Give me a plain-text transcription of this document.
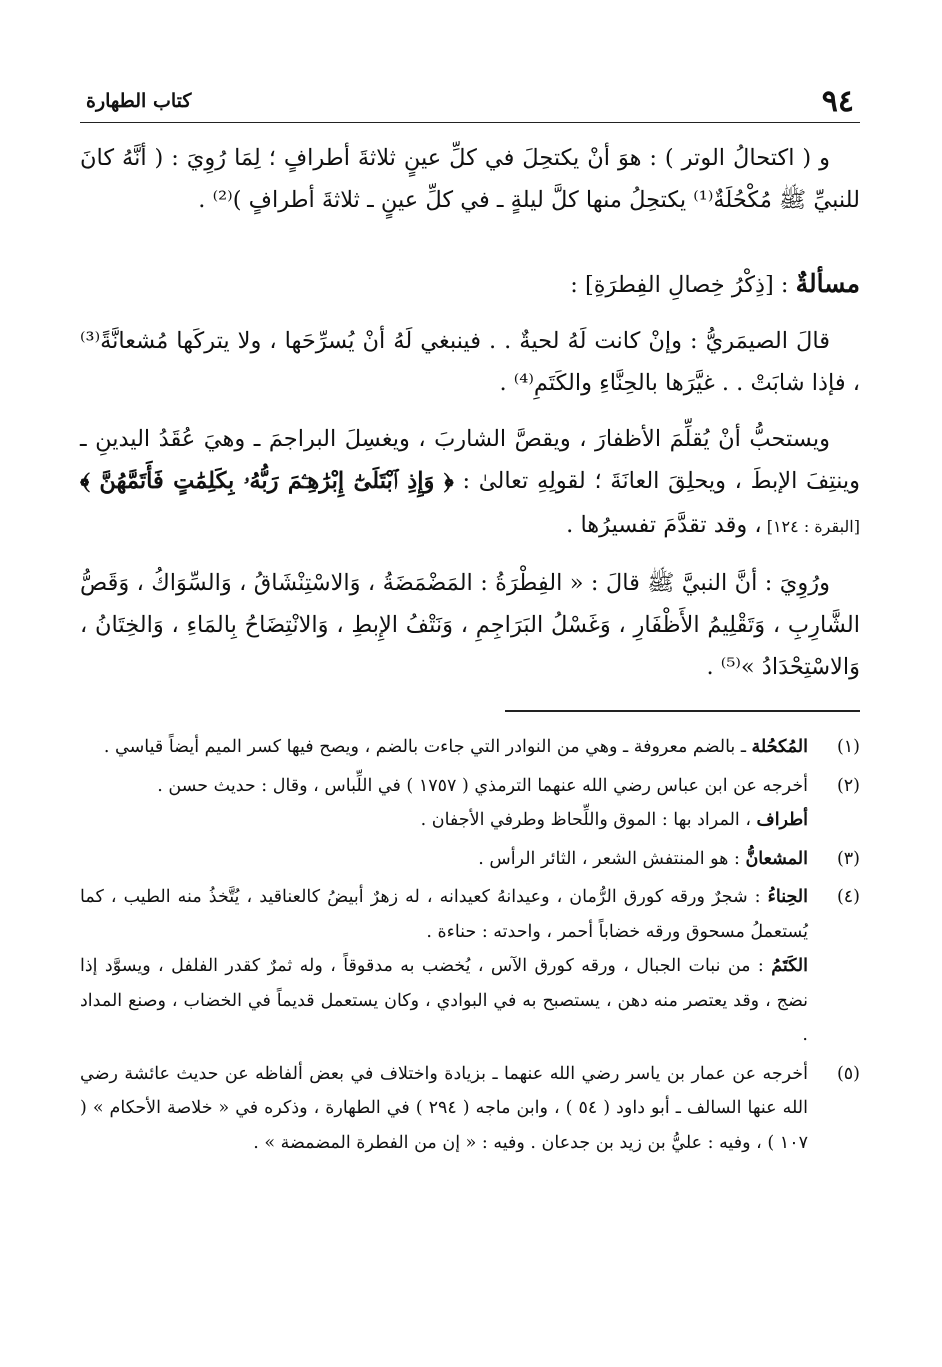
٩٤
كتاب الطهارة

و ( اكتحالُ الوتر ) : هوَ أنْ يكتحِلَ في كلِّ عينٍ ثلاثةَ أطرافٍ ؛ لِمَا رُوِيَ : ( أنَّهُ كانَ للنبيِّ ﷺ مُكْحُلَةٌ⁽¹⁾ يكتحِلُ منها كلَّ ليلةٍ ـ في كلِّ عينٍ ـ ثلاثةَ أطرافٍ )⁽²⁾ .

مسألةٌ : [ذِكْرُ خِصالِ الفِطرَةِ] :

قالَ الصيمَريُّ : وإنْ كانت لَهُ لحيةٌ . . فينبغي لَهُ أنْ يُسرِّحَها ، ولا يتركَها مُشعانَّةً⁽³⁾ ، فإذا شابَتْ . . غيَّرَها بالحِنَّاءِ والكَتَمِ⁽⁴⁾ .

ويستحبُّ أنْ يُقلِّمَ الأظفارَ ، ويقصَّ الشاربَ ، ويغسِلَ البراجمَ ـ وهيَ عُقَدُ اليدينِ ـ وينتِفَ الإبطَ ، ويحلِقَ العانَةَ ؛ لقولِهِ تعالىٰ : ﴿ وَإِذِ ٱبْتَلَىٰٓ إِبْرَٰهِـۧمَ رَبُّهُۥ بِكَلِمَٰتٍ فَأَتَمَّهُنَّ ﴾ [البقرة : ١٢٤] ، وقد تقدَّمَ تفسيرُها .

ورُوِيَ : أنَّ النبيَّ ﷺ قالَ : « الفِطْرَةُ : المَضْمَضَةُ ، وَالاسْتِنْشَاقُ ، وَالسِّوَاكُ ، وَقَصُّ الشَّارِبِ ، وَتَقْلِيمُ الأَظْفَارِ ، وَغَسْلُ البَرَاجِمِ ، وَنَتْفُ الإِبطِ ، وَالانْتِضَاحُ بِالمَاءِ ، وَالخِتَانُ ، وَالاسْتِحْدَادُ »⁽⁵⁾ .

(١)

المُكحُلة ـ بالضم معروفة ـ وهي من النوادر التي جاءت بالضم ، ويصح فيها كسر الميم أيضاً قياسي .

(٢)

أخرجه عن ابن عباس رضي الله عنهما الترمذي ( ١٧٥٧ ) في اللِّباس ، وقال : حديث حسن .

أطراف ، المراد بها : الموق واللِّحاظ وطرفي الأجفان .

(٣)

المشعانُّ : هو المنتفش الشعر ، الثائر الرأس .

(٤)

الحِناءُ : شجرٌ ورقه كورق الرُّمان ، وعيدانهُ كعيدانه ، له زهرٌ أبيضُ كالعناقيد ، يُتَّخذُ منه الطيب ، كما يُستعملُ مسحوق ورقه خضاباً أحمر ، واحدته : حناءة .

الكَتَمُ : من نبات الجبال ، ورقه كورق الآس ، يُخضب به مدقوقاً ، وله ثمرٌ كقدر الفلفل ، ويسوَّد إذا نضج ، وقد يعتصر منه دهن ، يستصبح به في البوادي ، وكان يستعمل قديماً في الخضاب ، وصنع المداد .

(٥)

أخرجه عن عمار بن ياسر رضي الله عنهما ـ بزيادة واختلاف في بعض ألفاظه عن حديث عائشة رضي الله عنها السالف ـ أبو داود ( ٥٤ ) ، وابن ماجه ( ٢٩٤ ) في الطهارة ، وذكره في « خلاصة الأحكام » ( ١٠٧ ) ، وفيه : عليُّ بن زيد بن جدعان . وفيه : « إن من الفطرة المضمضة » .
